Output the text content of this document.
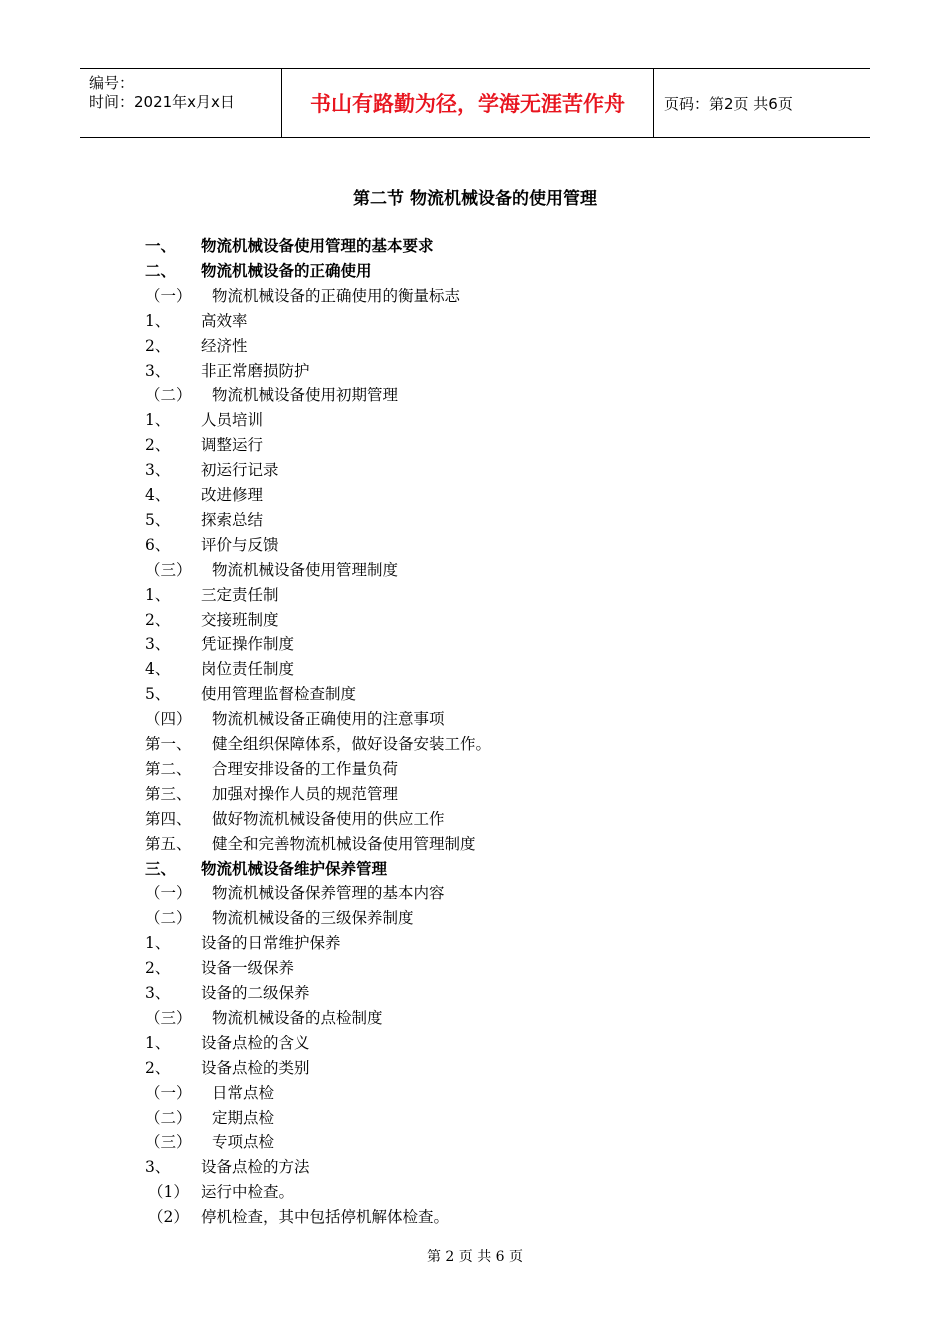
编号：
时间：2021年x月x日	书山有路勤为径，学海无涯苦作舟	页码：第2页 共6页
第二节 物流机械设备的使用管理
一、 物流机械设备使用管理的基本要求
二、 物流机械设备的正确使用
（一） 物流机械设备的正确使用的衡量标志
1、 高效率
2、 经济性
3、 非正常磨损防护
（二） 物流机械设备使用初期管理
1、 人员培训
2、 调整运行
3、 初运行记录
4、 改进修理
5、 探索总结
6、 评价与反馈
（三） 物流机械设备使用管理制度
1、 三定责任制
2、 交接班制度
3、 凭证操作制度
4、 岗位责任制度
5、 使用管理监督检查制度
（四） 物流机械设备正确使用的注意事项
第一、 健全组织保障体系，做好设备安装工作。
第二、 合理安排设备的工作量负荷
第三、 加强对操作人员的规范管理
第四、 做好物流机械设备使用的供应工作
第五、 健全和完善物流机械设备使用管理制度
三、 物流机械设备维护保养管理
（一） 物流机械设备保养管理的基本内容
（二） 物流机械设备的三级保养制度
1、 设备的日常维护保养
2、 设备一级保养
3、 设备的二级保养
（三） 物流机械设备的点检制度
1、 设备点检的含义
2、 设备点检的类别
（一） 日常点检
（二） 定期点检
（三） 专项点检
3、 设备点检的方法
（1） 运行中检查。
（2） 停机检查，其中包括停机解体检查。
第 2 页 共 6 页
